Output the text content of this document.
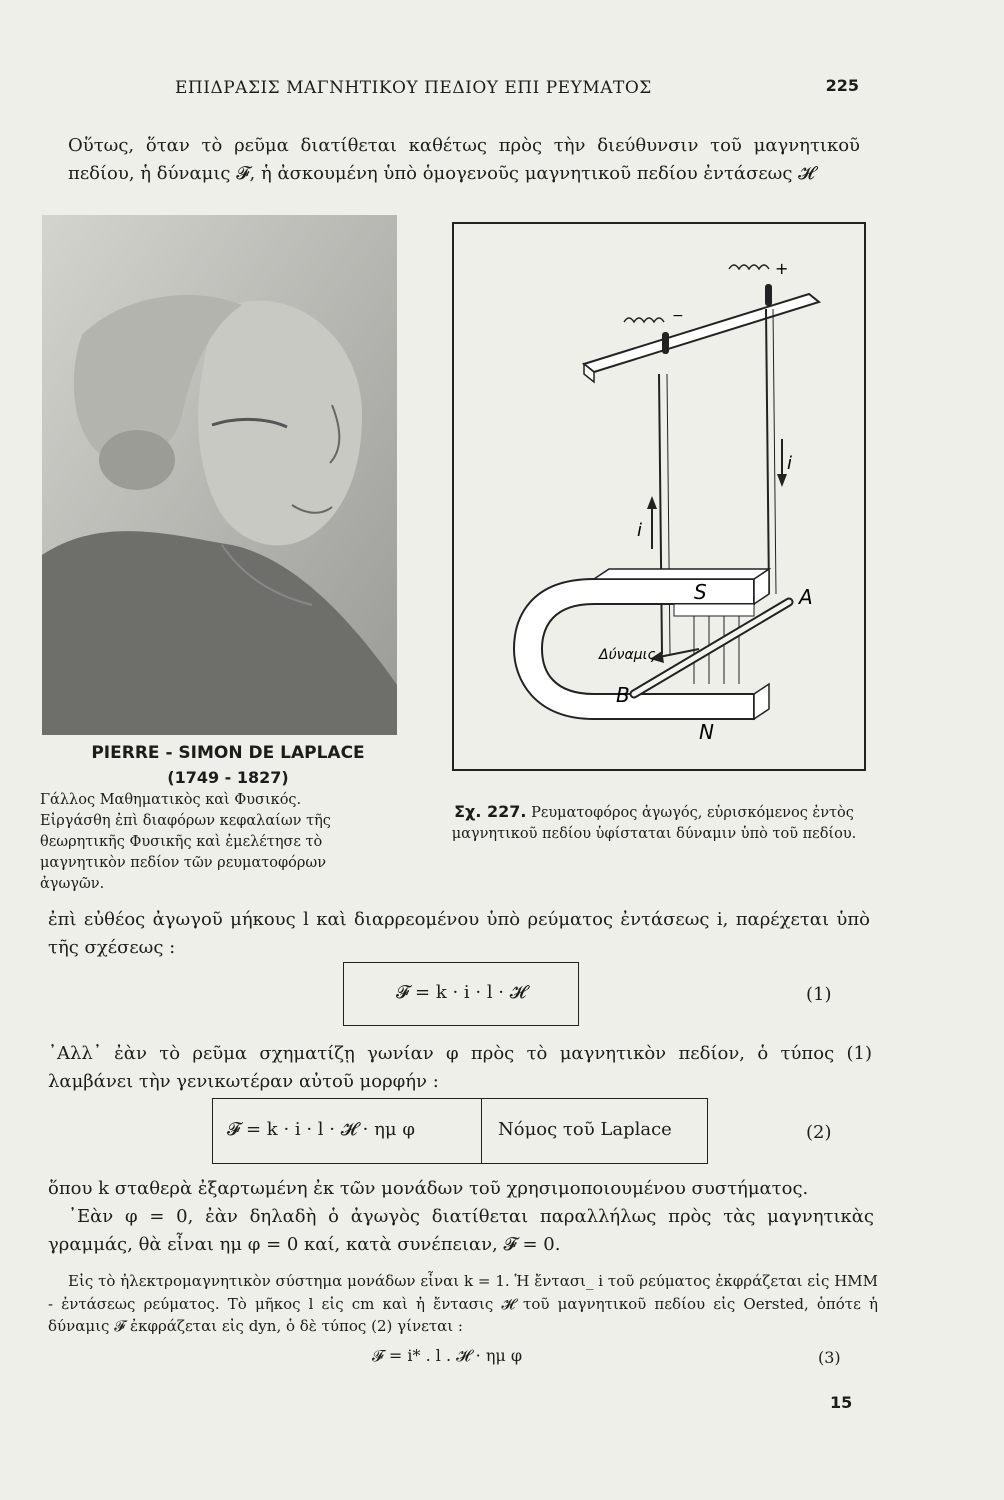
ΕΠΙΔΡΑΣΙΣ ΜΑΓΝΗΤΙΚΟΥ ΠΕΔΙΟΥ ΕΠΙ ΡΕΥΜΑΤΟΣ	225
Οὕτως, ὅταν τὸ ρεῦμα διατίθεται καθέτως πρὸς τὴν διεύθυνσιν τοῦ μαγνητικοῦ πεδίου, ἡ δύναμις 𝓕, ἡ ἀσκουμένη ὑπὸ ὁμογενοῦς μαγνητικοῦ πεδίου ἐντάσεως 𝓗
PIERRE - SIMON DE LAPLACE
(1749 - 1827)
Γάλλος Μαθηματικὸς καὶ Φυσικός. Εἰργάσθη ἐπὶ διαφόρων κεφαλαίων τῆς θεωρητικῆς Φυσικῆς καὶ ἐμελέτησε τὸ μαγνητικὸν πεδίον τῶν ρευματοφόρων ἀγωγῶν.
−
+
i
i
Δύναμις
S	A
B
N
Σχ. 227. Ρευματοφόρος ἀγωγός, εὑρισκόμενος ἐντὸς μαγνητικοῦ πεδίου ὑφίσταται δύναμιν ὑπὸ τοῦ πεδίου.
ἐπὶ εὐθέος ἀγωγοῦ μήκους l καὶ διαρρεομένου ὑπὸ ρεύματος ἐντάσεως i, παρέχεται ὑπὸ τῆς σχέσεως :
𝓕 = k · i · l · 𝓗	(1)
᾿Αλλ᾿ ἐὰν τὸ ρεῦμα σχηματίζῃ γωνίαν φ πρὸς τὸ μαγνητικὸν πεδίον, ὁ τύπος (1) λαμβάνει τὴν γενικωτέραν αὐτοῦ μορφήν :
𝓕 = k · i · l · 𝓗 · ημ φ	Νόμος τοῦ Laplace	(2)
ὅπου k σταθερὰ ἐξαρτωμένη ἐκ τῶν μονάδων τοῦ χρησιμοποιουμένου συστήματος.
᾿Εὰν φ = 0, ἐὰν δηλαδὴ ὁ ἀγωγὸς διατίθεται παραλλήλως πρὸς τὰς μαγνητικὰς γραμμάς, θὰ εἶναι ημ φ = 0 καί, κατὰ συνέπειαν, 𝓕 = 0.
Εἰς τὸ ἠλεκτρομαγνητικὸν σύστημα μονάδων εἶναι k = 1. Ἡ ἔντασι_ i τοῦ ρεύματος ἐκφράζεται εἰς ΗΜΜ - ἐντάσεως ρεύματος. Τὸ μῆκος l εἰς cm καὶ ἡ ἔντασις 𝓗 τοῦ μαγνητικοῦ πεδίου εἰς Oersted, ὁπότε ἡ δύναμις 𝓕 ἐκφράζεται εἰς dyn, ὁ δὲ τύπος (2) γίνεται :
𝓕 = i* . l . 𝓗 · ημ φ	(3)
15
